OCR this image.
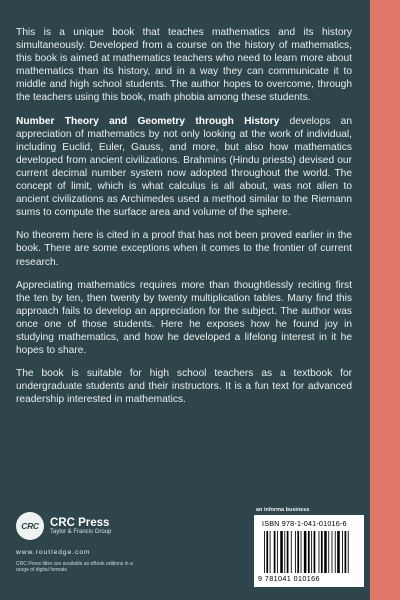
This is a unique book that teaches mathematics and its history simultaneously. Developed from a course on the history of mathematics, this book is aimed at mathematics teachers who need to learn more about mathematics than its history, and in a way they can communicate it to middle and high school students. The author hopes to overcome, through the teachers using this book, math phobia among these students.

Number Theory and Geometry through History develops an appreciation of mathematics by not only looking at the work of individual, including Euclid, Euler, Gauss, and more, but also how mathematics developed from ancient civilizations. Brahmins (Hindu priests) devised our current decimal number system now adopted throughout the world. The concept of limit, which is what calculus is all about, was not alien to ancient civilizations as Archimedes used a method similar to the Riemann sums to compute the surface area and volume of the sphere.

No theorem here is cited in a proof that has not been proved earlier in the book. There are some exceptions when it comes to the frontier of current research.

Appreciating mathematics requires more than thoughtlessly reciting first the ten by ten, then twenty by twenty multiplication tables. Many find this approach fails to develop an appreciation for the subject. The author was once one of those students. Here he exposes how he found joy in studying mathematics, and how he developed a lifelong interest in it he hopes to share.

The book is suitable for high school teachers as a textbook for undergraduate students and their instructors. It is a fun text for advanced readership interested in mathematics.

CRC CRC Press
Taylor & Francis Group
www.routledge.com
CRC Press titles are available as eBook editions in a range of digital formats
an informa business
ISBN 978-1-041-01016-6
9 781041 010166
